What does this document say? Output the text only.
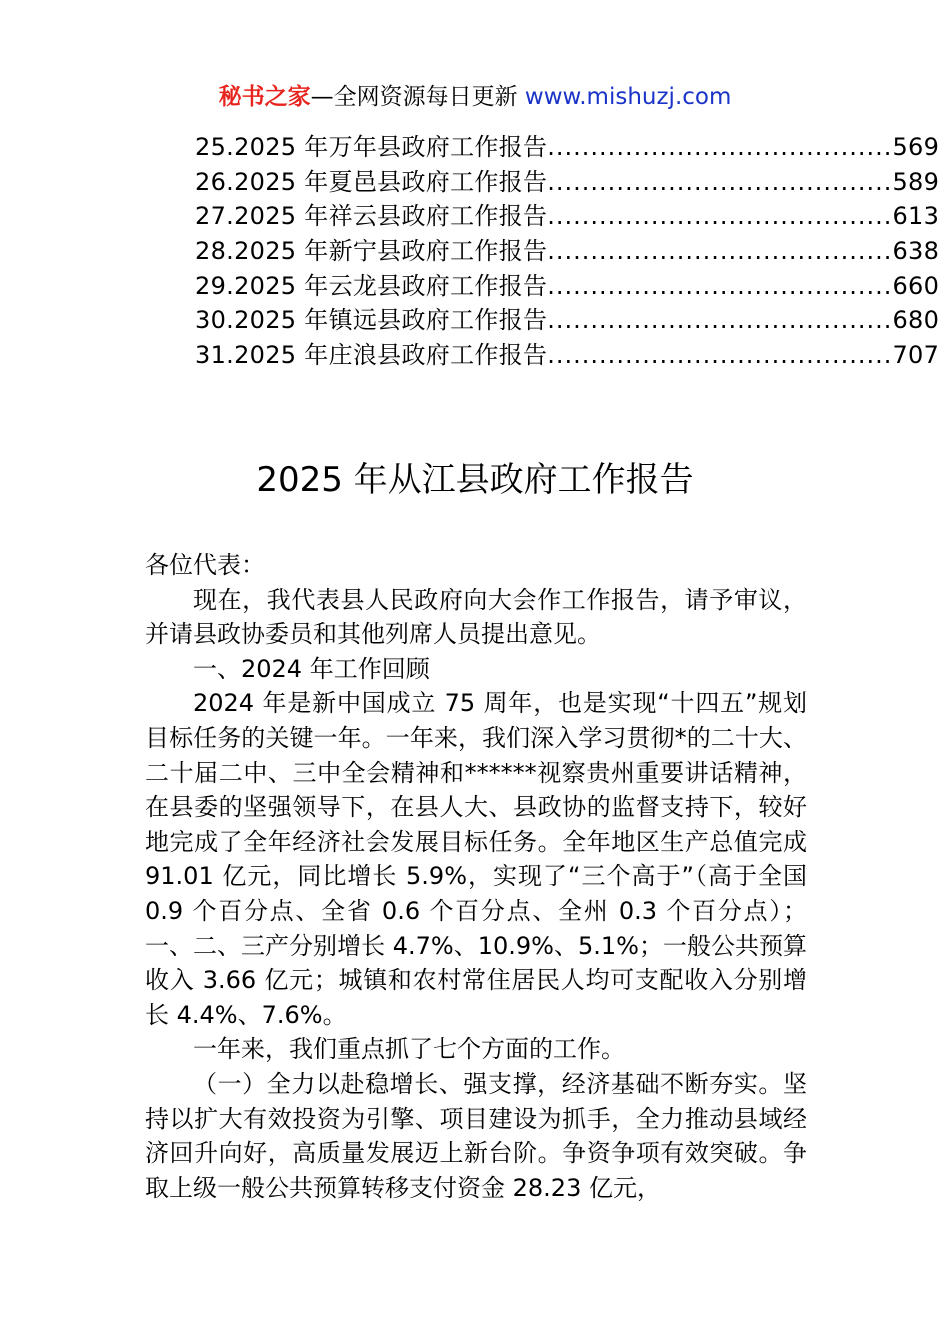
秘书之家—全网资源每日更新 www.mishuzj.com
25.2025 年万年县政府工作报告 ........................................ 569
26.2025 年夏邑县政府工作报告 ........................................ 589
27.2025 年祥云县政府工作报告 ........................................ 613
28.2025 年新宁县政府工作报告 ........................................ 638
29.2025 年云龙县政府工作报告 ........................................ 660
30.2025 年镇远县政府工作报告 ........................................ 680
31.2025 年庄浪县政府工作报告 ........................................ 707
2025 年从江县政府工作报告

各位代表：

现在，我代表县人民政府向大会作工作报告，请予审议，并请县政协委员和其他列席人员提出意见。

一、2024 年工作回顾

2024 年是新中国成立 75 周年，也是实现“十四五”规划目标任务的关键一年。一年来，我们深入学习贯彻*的二十大、二十届二中、三中全会精神和******视察贵州重要讲话精神，在县委的坚强领导下，在县人大、县政协的监督支持下，较好地完成了全年经济社会发展目标任务。全年地区生产总值完成 91.01 亿元，同比增长 5.9%，实现了“三个高于”（高于全国 0.9 个百分点、全省 0.6 个百分点、全州 0.3 个百分点）；一、二、三产分别增长 4.7%、10.9%、5.1%；一般公共预算收入 3.66 亿元；城镇和农村常住居民人均可支配收入分别增长 4.4%、7.6%。

一年来，我们重点抓了七个方面的工作。

（一）全力以赴稳增长、强支撑，经济基础不断夯实。坚持以扩大有效投资为引擎、项目建设为抓手，全力推动县域经济回升向好，高质量发展迈上新台阶。争资争项有效突破。争取上级一般公共预算转移支付资金 28.23 亿元，
